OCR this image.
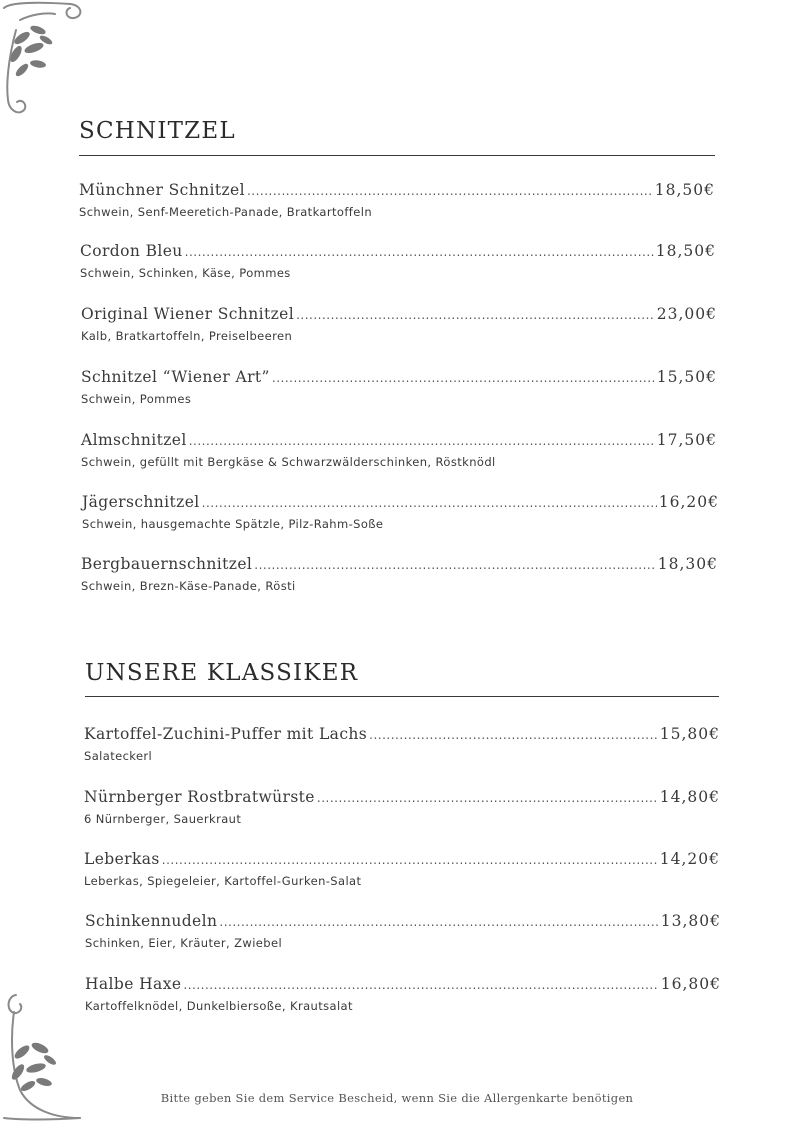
SCHNITZEL
Münchner Schnitzel .....	18,50€
Schwein, Senf-Meeretich-Panade, Bratkartoffeln
Cordon Bleu .....	18,50€
Schwein, Schinken, Käse, Pommes
Original Wiener Schnitzel .....	23,00€
Kalb, Bratkartoffeln, Preiselbeeren
Schnitzel “Wiener Art” .....	15,50€
Schwein, Pommes
Almschnitzel .....	17,50€
Schwein, gefüllt mit Bergkäse & Schwarzwälderschinken, Röstknödl
Jägerschnitzel .....	16,20€
Schwein, hausgemachte Spätzle, Pilz-Rahm-Soße
Bergbauernschnitzel .....	18,30€
Schwein, Brezn-Käse-Panade, Rösti
UNSERE KLASSIKER
Kartoffel-Zuchini-Puffer mit Lachs .....	15,80€
Salateckerl
Nürnberger Rostbratwürste .....	14,80€
6 Nürnberger, Sauerkraut
Leberkas .....	14,20€
Leberkas, Spiegeleier, Kartoffel-Gurken-Salat
Schinkennudeln .....	13,80€
Schinken, Eier, Kräuter, Zwiebel
Halbe Haxe .....	16,80€
Kartoffelknödel, Dunkelbiersoße, Krautsalat
Bitte geben Sie dem Service Bescheid, wenn Sie die Allergenkarte benötigen
